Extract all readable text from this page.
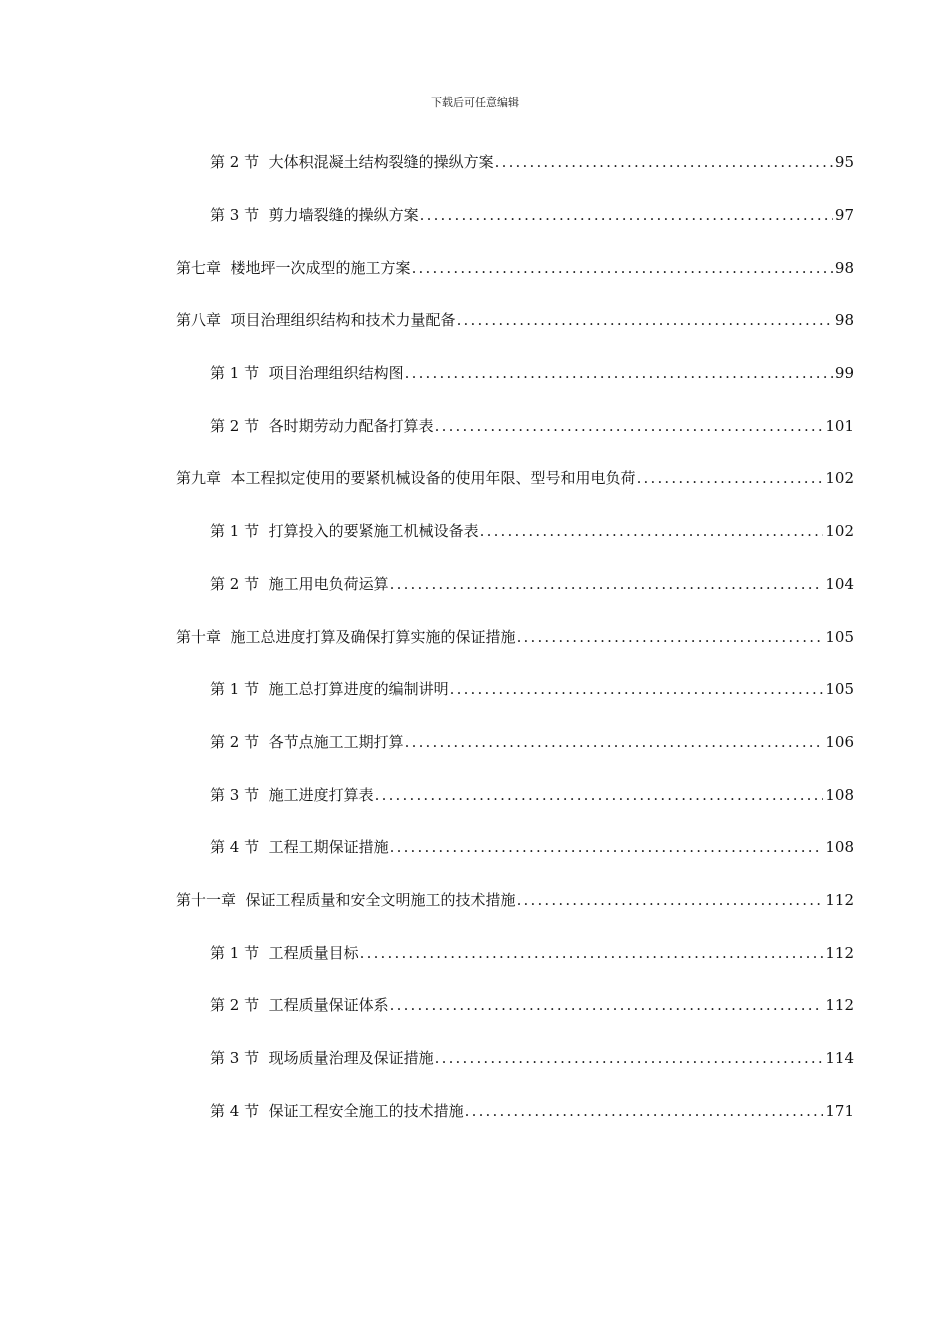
下载后可任意编辑
第 2 节 大体积混凝土结构裂缝的操纵方案 .....	95
第 3 节 剪力墙裂缝的操纵方案 .....	97
第七章 楼地坪一次成型的施工方案 .....	98
第八章 项目治理组织结构和技术力量配备 .....	98
第 1 节 项目治理组织结构图 .....	99
第 2 节 各时期劳动力配备打算表 .....	101
第九章 本工程拟定使用的要紧机械设备的使用年限、型号和用电负荷 .....	102
第 1 节 打算投入的要紧施工机械设备表 .....	102
第 2 节 施工用电负荷运算 .....	104
第十章 施工总进度打算及确保打算实施的保证措施 .....	105
第 1 节 施工总打算进度的编制讲明 .....	105
第 2 节 各节点施工工期打算 .....	106
第 3 节 施工进度打算表 .....	108
第 4 节 工程工期保证措施 .....	108
第十一章 保证工程质量和安全文明施工的技术措施 .....	112
第 1 节 工程质量目标 .....	112
第 2 节 工程质量保证体系 .....	112
第 3 节 现场质量治理及保证措施 .....	114
第 4 节 保证工程安全施工的技术措施 .....	171
